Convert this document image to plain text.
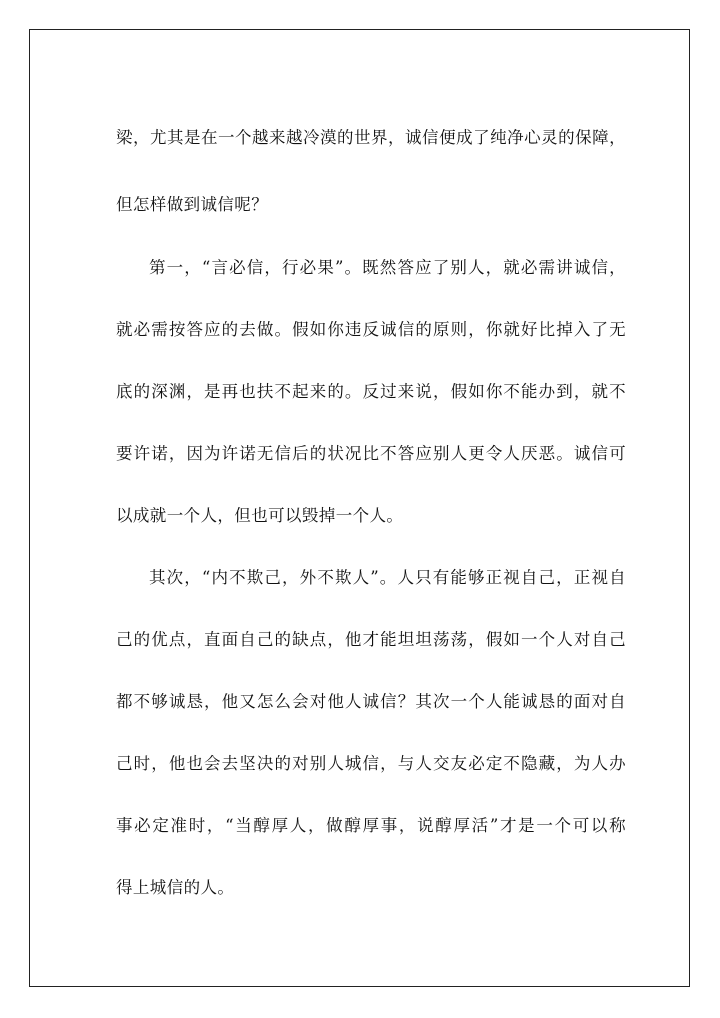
梁，尤其是在一个越来越冷漠的世界，诚信便成了纯净心灵的保障，
但怎样做到诚信呢？
第一，“言必信，行必果”。既然答应了别人，就必需讲诚信，
就必需按答应的去做。假如你违反诚信的原则，你就好比掉入了无
底的深渊，是再也扶不起来的。反过来说，假如你不能办到，就不
要许诺，因为许诺无信后的状况比不答应别人更令人厌恶。诚信可
以成就一个人，但也可以毁掉一个人。
其次，“内不欺己，外不欺人”。人只有能够正视自己，正视自
己的优点，直面自己的缺点，他才能坦坦荡荡，假如一个人对自己
都不够诚恳，他又怎么会对他人诚信？其次一个人能诚恳的面对自
己时，他也会去坚决的对别人城信，与人交友必定不隐藏，为人办
事必定准时，“当醇厚人，做醇厚事，说醇厚活”才是一个可以称
得上城信的人。
